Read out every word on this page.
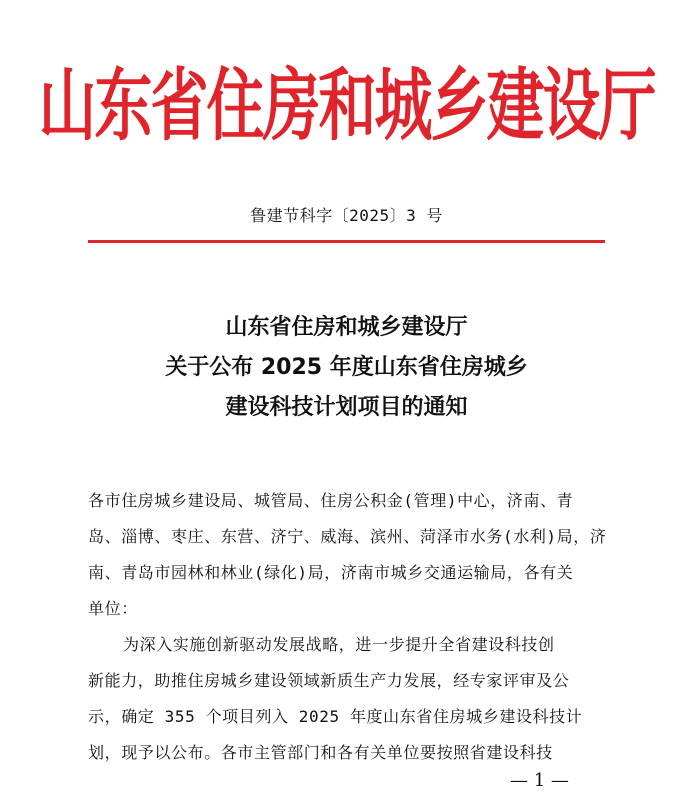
山东省住房和城乡建设厅
鲁建节科字〔2025〕3 号
山东省住房和城乡建设厅
关于公布 2025 年度山东省住房城乡
建设科技计划项目的通知
各市住房城乡建设局、城管局、住房公积金(管理)中心，济南、青
岛、淄博、枣庄、东营、济宁、威海、滨州、菏泽市水务(水利)局，济
南、青岛市园林和林业(绿化)局，济南市城乡交通运输局，各有关
单位：
为深入实施创新驱动发展战略，进一步提升全省建设科技创
新能力，助推住房城乡建设领域新质生产力发展，经专家评审及公
示，确定 355 个项目列入 2025 年度山东省住房城乡建设科技计
划，现予以公布。各市主管部门和各有关单位要按照省建设科技
— 1 —
